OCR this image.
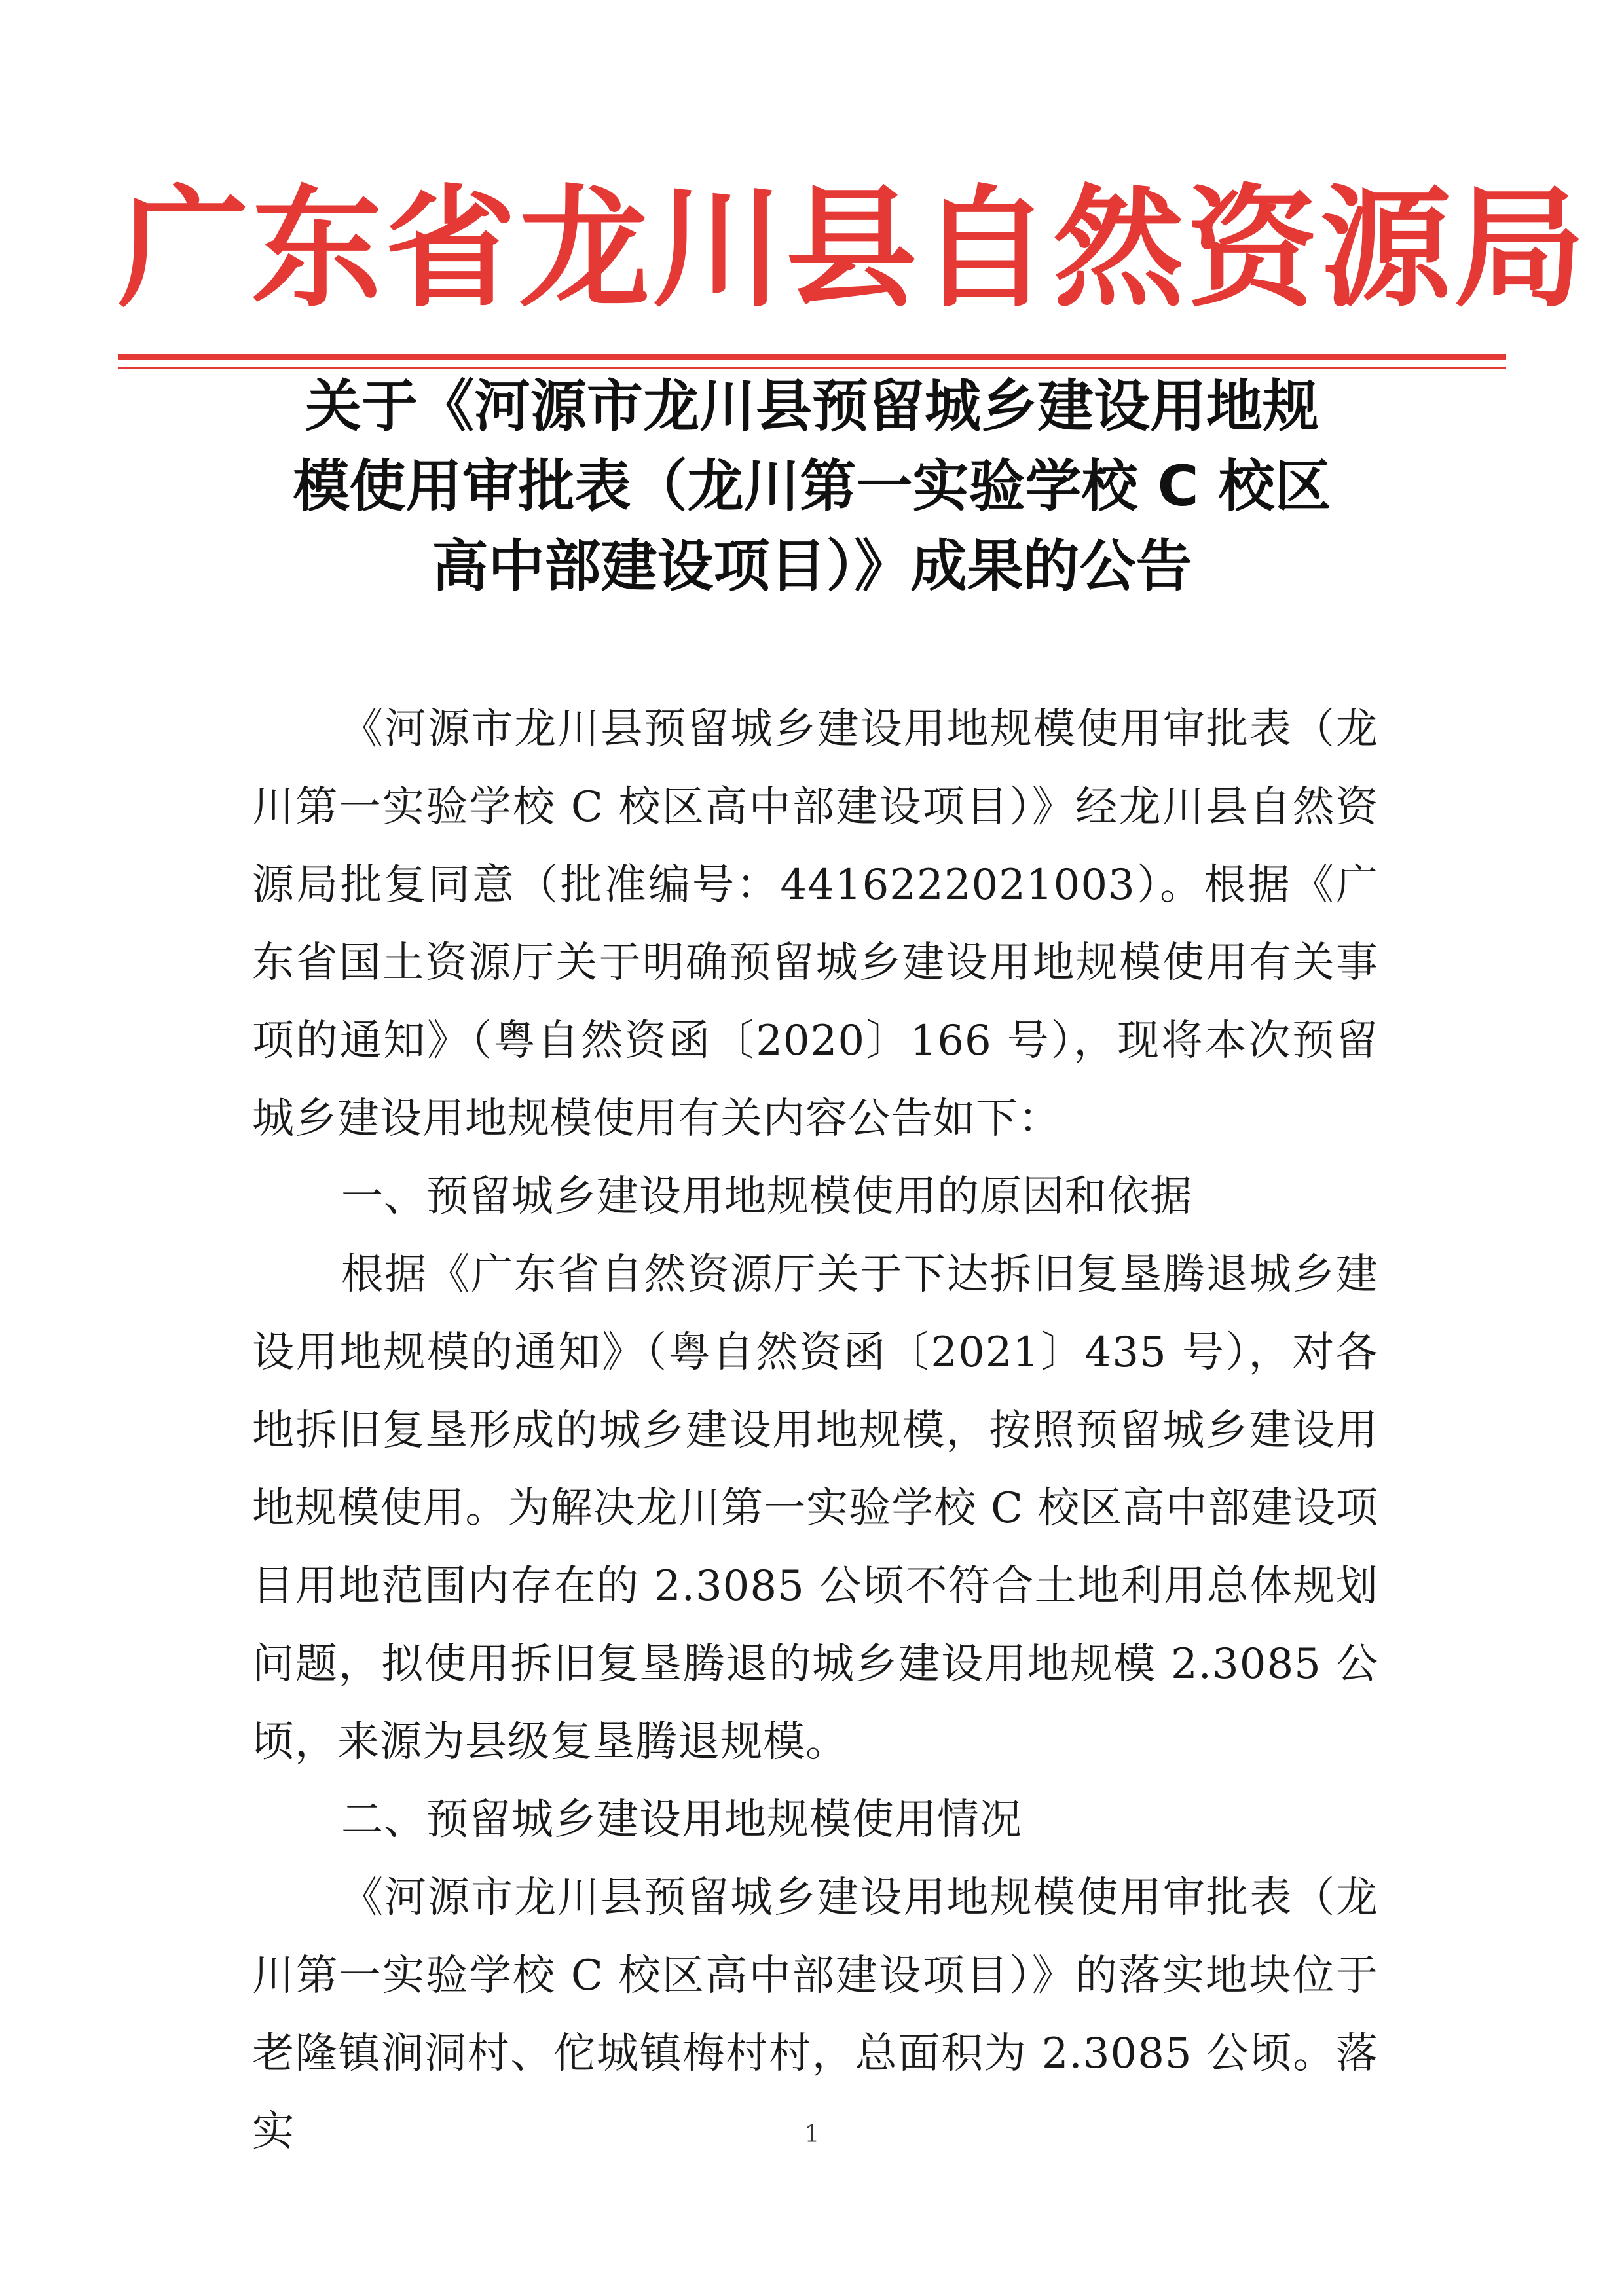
广东省龙川县自然资源局
关于《河源市龙川县预留城乡建设用地规
模使用审批表（龙川第一实验学校 C 校区
高中部建设项目）》成果的公告

《河源市龙川县预留城乡建设用地规模使用审批表（龙川第一实验学校 C 校区高中部建设项目）》经龙川县自然资源局批复同意（批准编号：4416222021003）。根据《广东省国土资源厅关于明确预留城乡建设用地规模使用有关事项的通知》（粤自然资函〔2020〕166 号），现将本次预留城乡建设用地规模使用有关内容公告如下：

一、预留城乡建设用地规模使用的原因和依据

根据《广东省自然资源厅关于下达拆旧复垦腾退城乡建设用地规模的通知》（粤自然资函〔2021〕435 号），对各地拆旧复垦形成的城乡建设用地规模，按照预留城乡建设用地规模使用。为解决龙川第一实验学校 C 校区高中部建设项目用地范围内存在的 2.3085 公顷不符合土地利用总体规划问题，拟使用拆旧复垦腾退的城乡建设用地规模 2.3085 公顷，来源为县级复垦腾退规模。

二、预留城乡建设用地规模使用情况

《河源市龙川县预留城乡建设用地规模使用审批表（龙川第一实验学校 C 校区高中部建设项目）》的落实地块位于老隆镇涧洞村、佗城镇梅村村，总面积为 2.3085 公顷。落实	1
